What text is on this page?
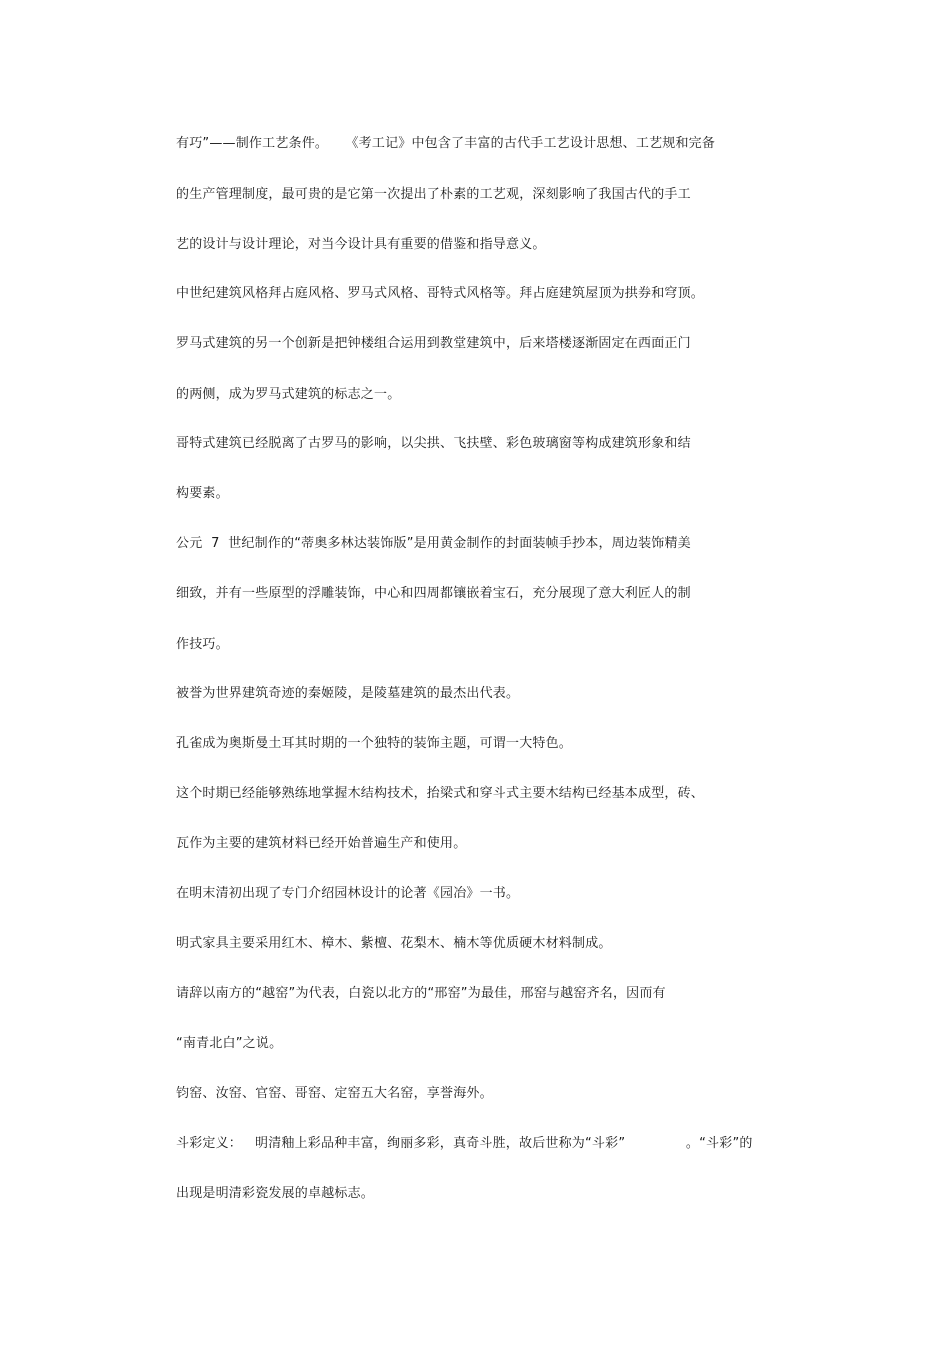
有巧”——制作工艺条件。    《考工记》中包含了丰富的古代手工艺设计思想、工艺规和完备
的生产管理制度，最可贵的是它第一次提出了朴素的工艺观，深刻影响了我国古代的手工
艺的设计与设计理论，对当今设计具有重要的借鉴和指导意义。
中世纪建筑风格拜占庭风格、罗马式风格、哥特式风格等。拜占庭建筑屋顶为拱券和穹顶。
罗马式建筑的另一个创新是把钟楼组合运用到教堂建筑中，后来塔楼逐渐固定在西面正门
的两侧，成为罗马式建筑的标志之一。
哥特式建筑已经脱离了古罗马的影响，以尖拱、飞扶壁、彩色玻璃窗等构成建筑形象和结
构要素。
公元  7  世纪制作的“蒂奥多林达装饰版”是用黄金制作的封面装帧手抄本，周边装饰精美
细致，并有一些原型的浮雕装饰，中心和四周都镶嵌着宝石，充分展现了意大利匠人的制
作技巧。
被誉为世界建筑奇迹的秦姬陵，是陵墓建筑的最杰出代表。
孔雀成为奥斯曼土耳其时期的一个独特的装饰主题，可谓一大特色。
这个时期已经能够熟练地掌握木结构技术，抬梁式和穿斗式主要木结构已经基本成型，砖、
瓦作为主要的建筑材料已经开始普遍生产和使用。
在明末清初出现了专门介绍园林设计的论著《园冶》一书。
明式家具主要采用红木、樟木、紫檀、花梨木、楠木等优质硬木材料制成。
请辞以南方的“越窑”为代表，白瓷以北方的“邢窑”为最佳，邢窑与越窑齐名，因而有
“南青北白”之说。
钧窑、汝窑、官窑、哥窑、定窑五大名窑，享誉海外。
斗彩定义：   明清釉上彩品种丰富，绚丽多彩，真奇斗胜，故后世称为“斗彩”              。“斗彩”的
出现是明清彩瓷发展的卓越标志。
